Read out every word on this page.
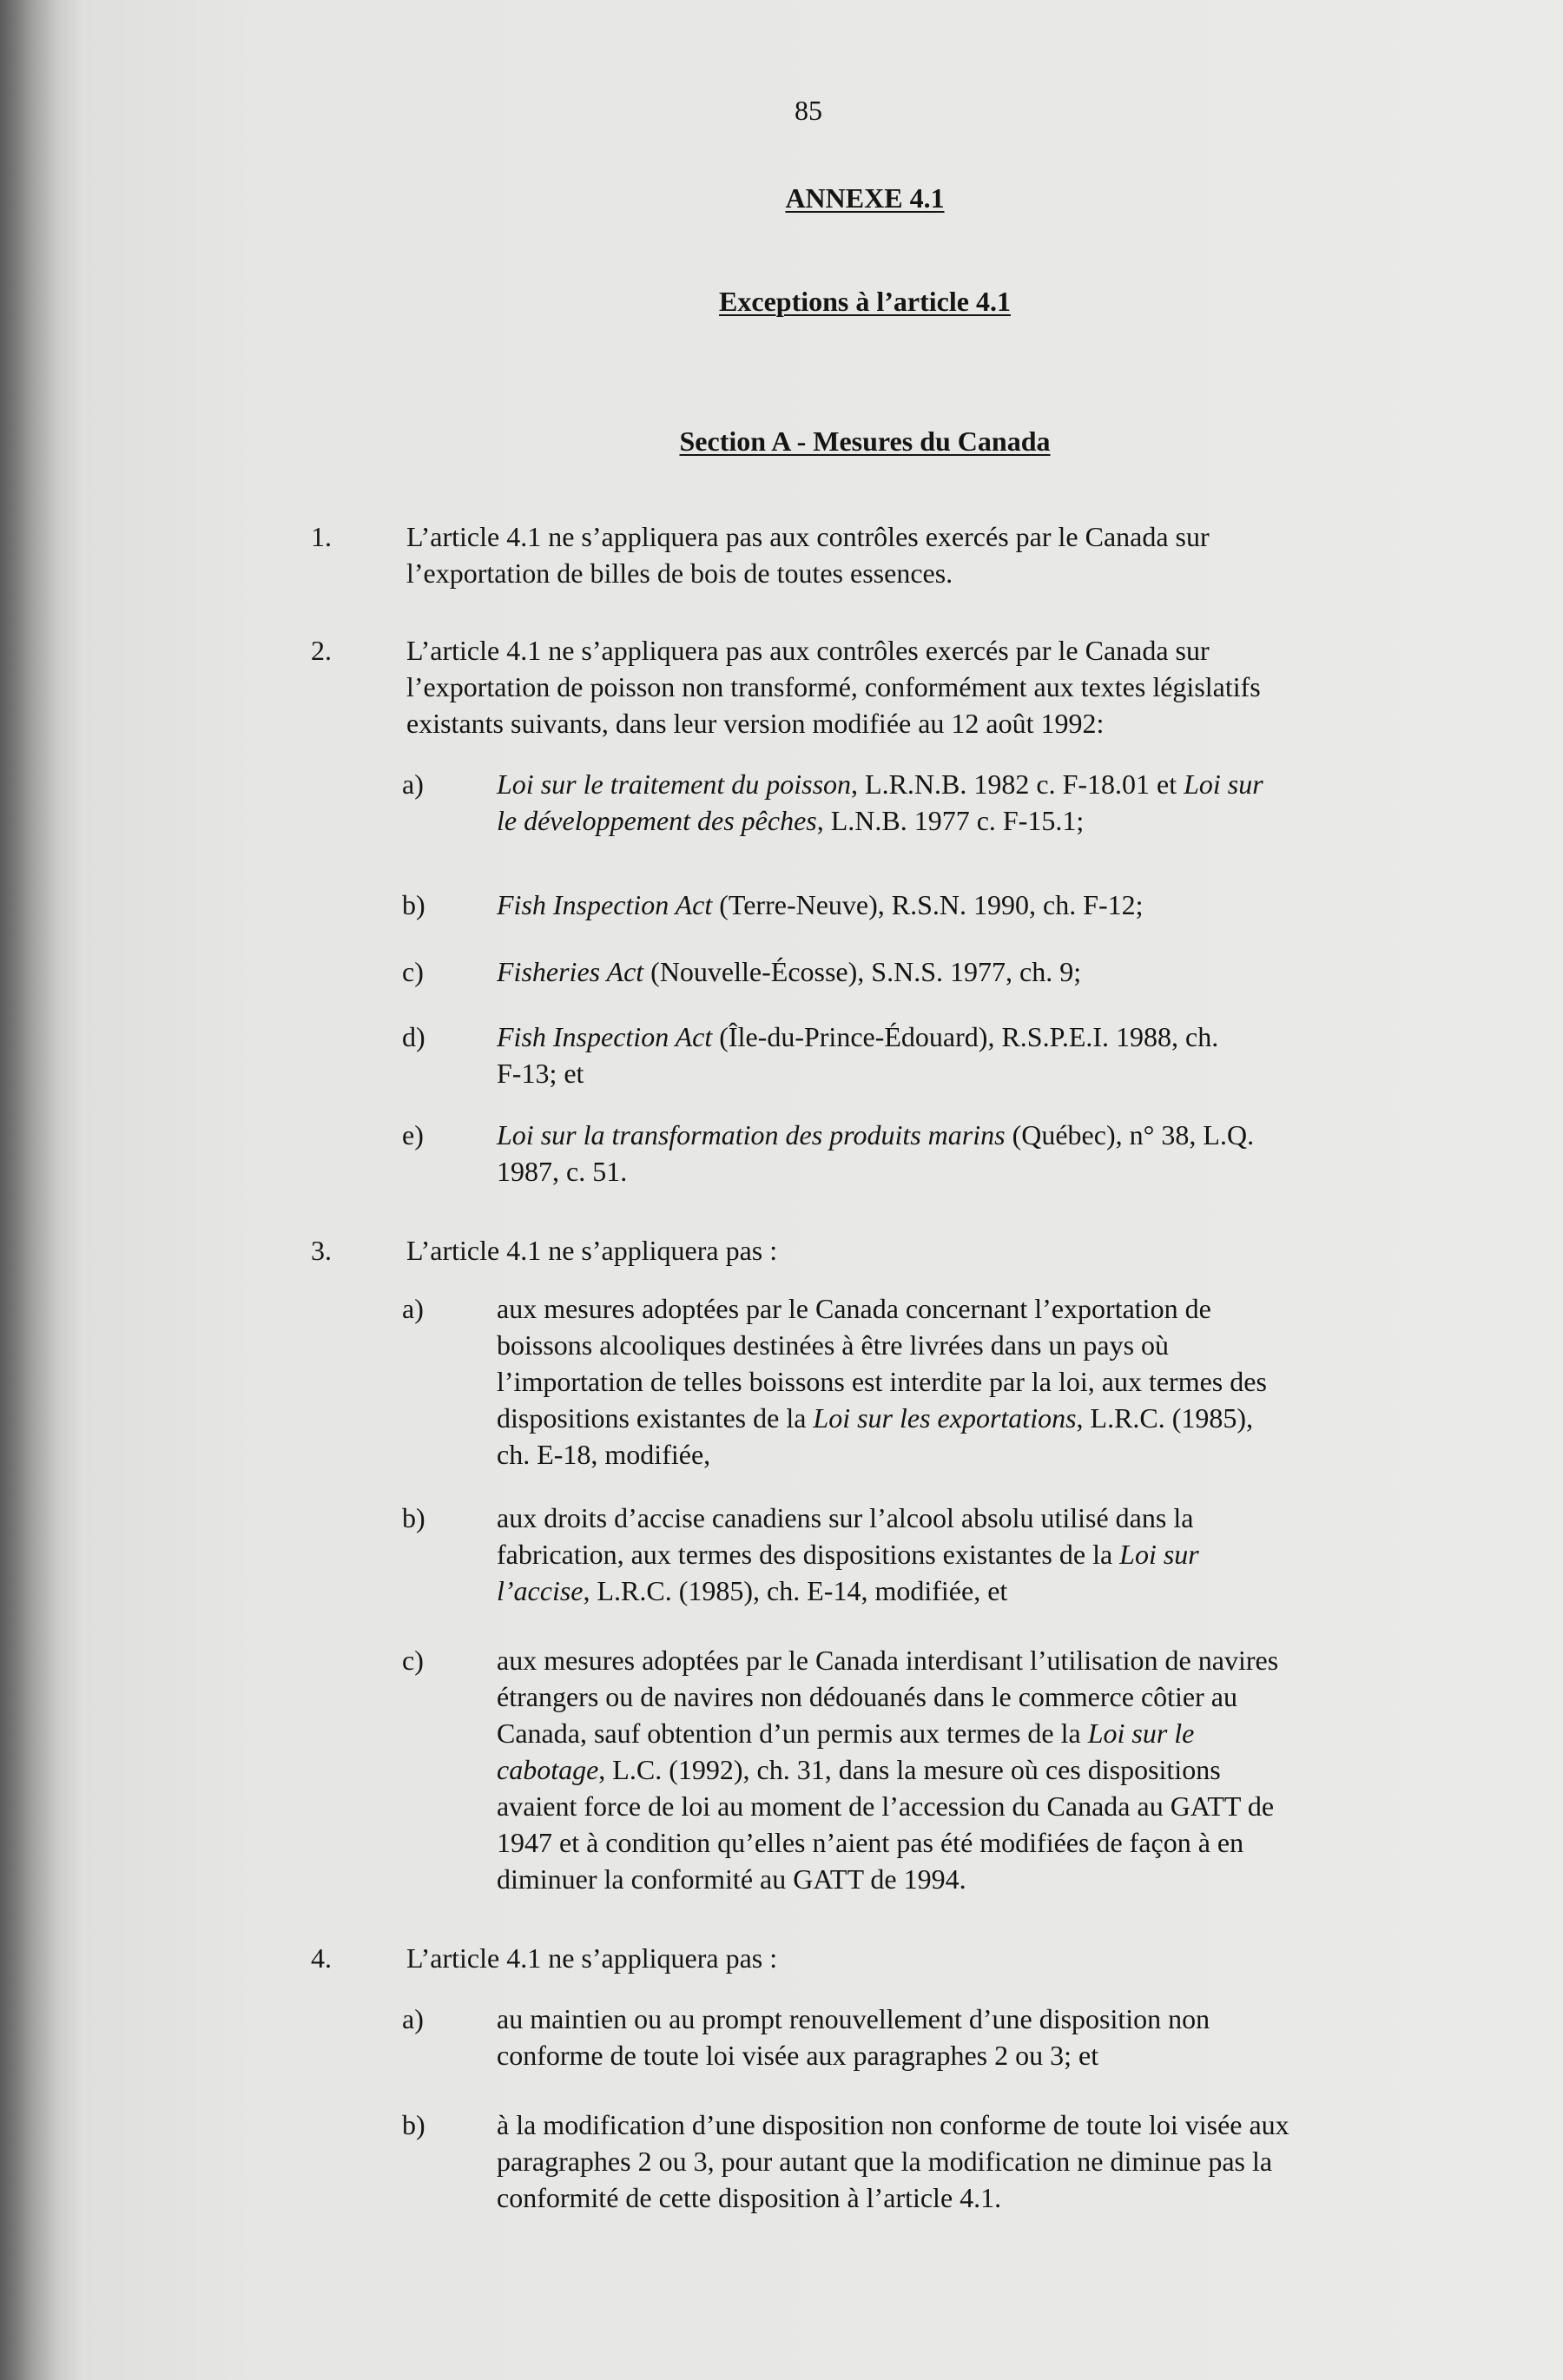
85
ANNEXE 4.1
Exceptions à l’article 4.1
Section A - Mesures du Canada
1.	L’article 4.1 ne s’appliquera pas aux contrôles exercés par le Canada sur
l’exportation de billes de bois de toutes essences.
2.	L’article 4.1 ne s’appliquera pas aux contrôles exercés par le Canada sur
l’exportation de poisson non transformé, conformément aux textes législatifs
existants suivants, dans leur version modifiée au 12 août 1992:
a)	Loi sur le traitement du poisson, L.R.N.B. 1982 c. F-18.01 et Loi sur
le développement des pêches, L.N.B. 1977 c. F-15.1;
b)	Fish Inspection Act (Terre-Neuve), R.S.N. 1990, ch. F-12;
c)	Fisheries Act (Nouvelle-Écosse), S.N.S. 1977, ch. 9;
d)	Fish Inspection Act (Île-du-Prince-Édouard), R.S.P.E.I. 1988, ch.
F-13; et
e)	Loi sur la transformation des produits marins (Québec), n° 38, L.Q.
1987, c. 51.
3.	L’article 4.1 ne s’appliquera pas :
a)	aux mesures adoptées par le Canada concernant l’exportation de
boissons alcooliques destinées à être livrées dans un pays où
l’importation de telles boissons est interdite par la loi, aux termes des
dispositions existantes de la Loi sur les exportations, L.R.C. (1985),
ch. E-18, modifiée,
b)	aux droits d’accise canadiens sur l’alcool absolu utilisé dans la
fabrication, aux termes des dispositions existantes de la Loi sur
l’accise, L.R.C. (1985), ch. E-14, modifiée, et
c)	aux mesures adoptées par le Canada interdisant l’utilisation de navires
étrangers ou de navires non dédouanés dans le commerce côtier au
Canada, sauf obtention d’un permis aux termes de la Loi sur le
cabotage, L.C. (1992), ch. 31, dans la mesure où ces dispositions
avaient force de loi au moment de l’accession du Canada au GATT de
1947 et à condition qu’elles n’aient pas été modifiées de façon à en
diminuer la conformité au GATT de 1994.
4.	L’article 4.1 ne s’appliquera pas :
a)	au maintien ou au prompt renouvellement d’une disposition non
conforme de toute loi visée aux paragraphes 2 ou 3; et
b)	à la modification d’une disposition non conforme de toute loi visée aux
paragraphes 2 ou 3, pour autant que la modification ne diminue pas la
conformité de cette disposition à l’article 4.1.
